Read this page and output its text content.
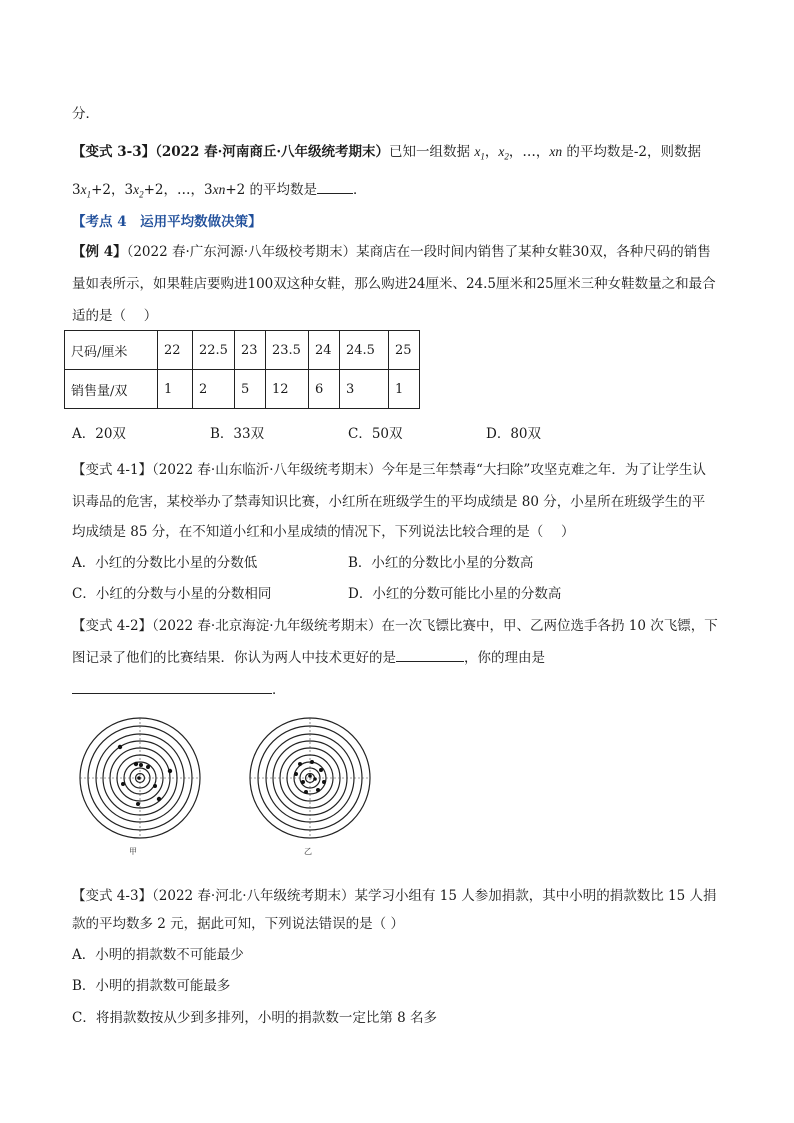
分．
【变式 3-3】（2022 春·河南商丘·八年级统考期末）已知一组数据 $x_1$，$x_2$，…，xn 的平均数是-2，则数据
$3x_1+2$，$3x_2+2$，…，3xn+2 的平均数是	．
【考点 4　运用平均数做决策】
【例 4】（2022 春·广东河源·八年级校考期末）某商店在一段时间内销售了某种女鞋30双，各种尺码的销售
量如表所示，如果鞋店要购进100双这种女鞋，那么购进24厘米、24.5厘米和25厘米三种女鞋数量之和最合
适的是（　 ）
尺码/厘米	22	22.5	23	23.5	24	24.5	25
销售量/双	1	2	5	12	6	3	1
A．20双	B．33双	C．50双	D．80双
【变式 4-1】（2022 春·山东临沂·八年级统考期末）今年是三年禁毒“大扫除”攻坚克难之年．为了让学生认
识毒品的危害，某校举办了禁毒知识比赛，小红所在班级学生的平均成绩是 80 分，小星所在班级学生的平
均成绩是 85 分，在不知道小红和小星成绩的情况下，下列说法比较合理的是（　 ）
A．小红的分数比小星的分数低	B．小红的分数比小星的分数高
C．小红的分数与小星的分数相同	D．小红的分数可能比小星的分数高
【变式 4-2】（2022 春·北京海淀·九年级统考期末）在一次飞镖比赛中，甲、乙两位选手各扔 10 次飞镖，下
图记录了他们的比赛结果．你认为两人中技术更好的是	，你的理由是
．
甲	乙
【变式 4-3】（2022 春·河北·八年级统考期末）某学习小组有 15 人参加捐款，其中小明的捐款数比 15 人捐
款的平均数多 2 元，据此可知，下列说法错误的是（ ）
A．小明的捐款数不可能最少
B．小明的捐款数可能最多
C．将捐款数按从少到多排列，小明的捐款数一定比第 8 名多
